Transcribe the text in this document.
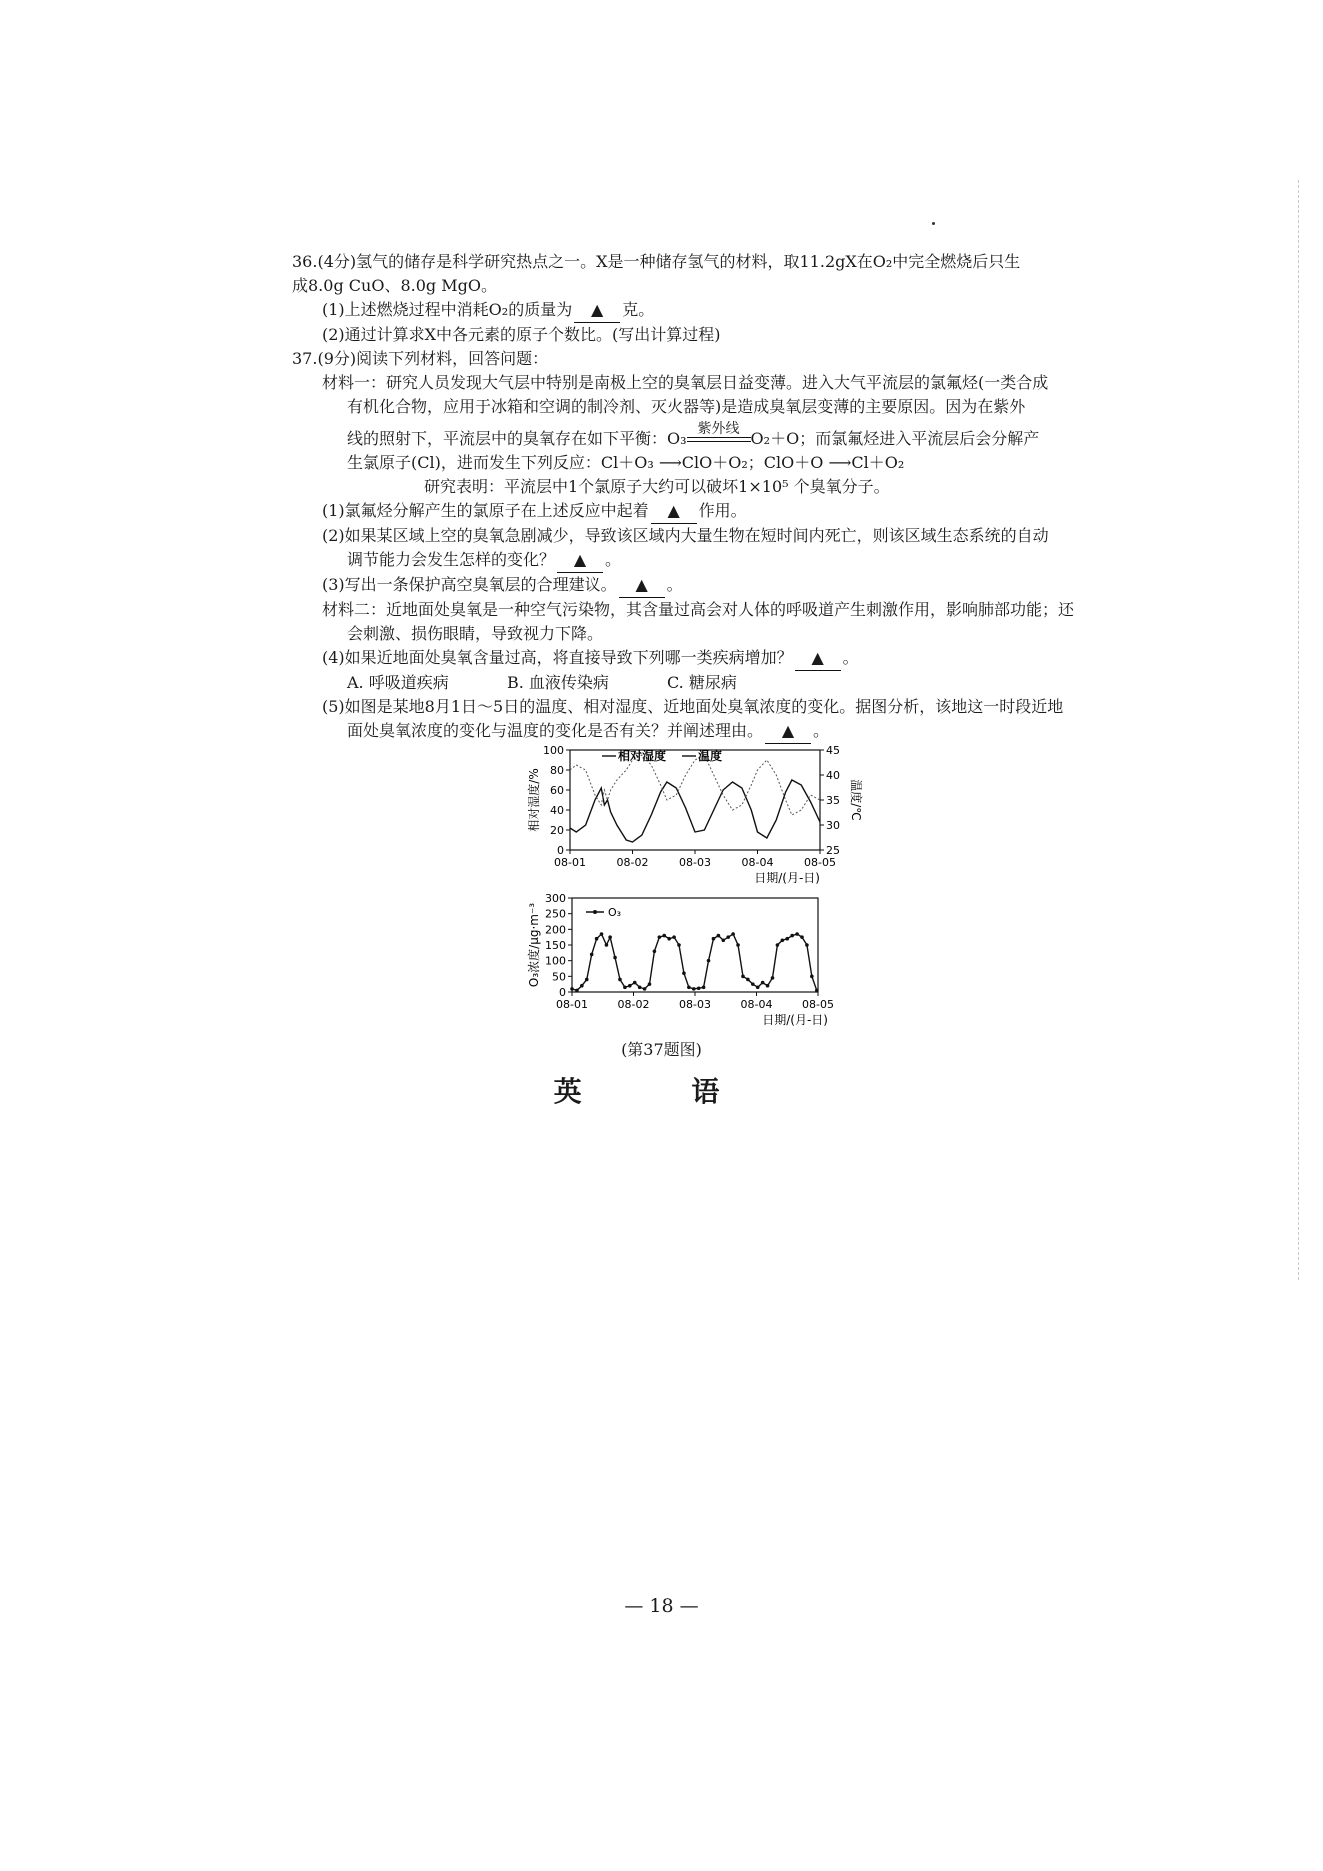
36.(4分)氢气的储存是科学研究热点之一。X是一种储存氢气的材料，取11.2gX在O₂中完全燃烧后只生
成8.0g CuO、8.0g MgO。
(1)上述燃烧过程中消耗O₂的质量为 ▲ 克。
(2)通过计算求X中各元素的原子个数比。(写出计算过程)
37.(9分)阅读下列材料，回答问题：
材料一：研究人员发现大气层中特别是南极上空的臭氧层日益变薄。进入大气平流层的氯氟烃(一类合成
有机化合物，应用于冰箱和空调的制冷剂、灭火器等)是造成臭氧层变薄的主要原因。因为在紫外
线的照射下，平流层中的臭氧存在如下平衡：O₃ 紫外线 O₂＋O；而氯氟烃进入平流层后会分解产
生氯原子(Cl)，进而发生下列反应：Cl＋O₃ ⟶ClO＋O₂；ClO＋O ⟶Cl＋O₂
研究表明：平流层中1个氯原子大约可以破坏1×10⁵ 个臭氧分子。
(1)氯氟烃分解产生的氯原子在上述反应中起着 ▲ 作用。
(2)如果某区域上空的臭氧急剧减少，导致该区域内大量生物在短时间内死亡，则该区域生态系统的自动
调节能力会发生怎样的变化？ ▲ 。
(3)写出一条保护高空臭氧层的合理建议。 ▲ 。
材料二：近地面处臭氧是一种空气污染物，其含量过高会对人体的呼吸道产生刺激作用，影响肺部功能；还
会刺激、损伤眼睛，导致视力下降。
(4)如果近地面处臭氧含量过高，将直接导致下列哪一类疾病增加？ ▲ 。
A. 呼吸道疾病	B. 血液传染病	C. 糖尿病
(5)如图是某地8月1日～5日的温度、相对湿度、近地面处臭氧浓度的变化。据图分析，该地这一时段近地
面处臭氧浓度的变化与温度的变化是否有关？并阐述理由。 ▲ 。
0
20
40
60
80
100
25
30
35
40
45
08-01	08-02	08-03	08-04	08-05
相对湿度/%	温度/℃
相对湿度	温度
日期/(月-日)
0
50
100
150
200
250
300
08-01	08-02	08-03	08-04	08-05
O₃浓度/μg·m⁻³	O₃
日期/(月-日)
(第37题图)
英 语
— 18 —
